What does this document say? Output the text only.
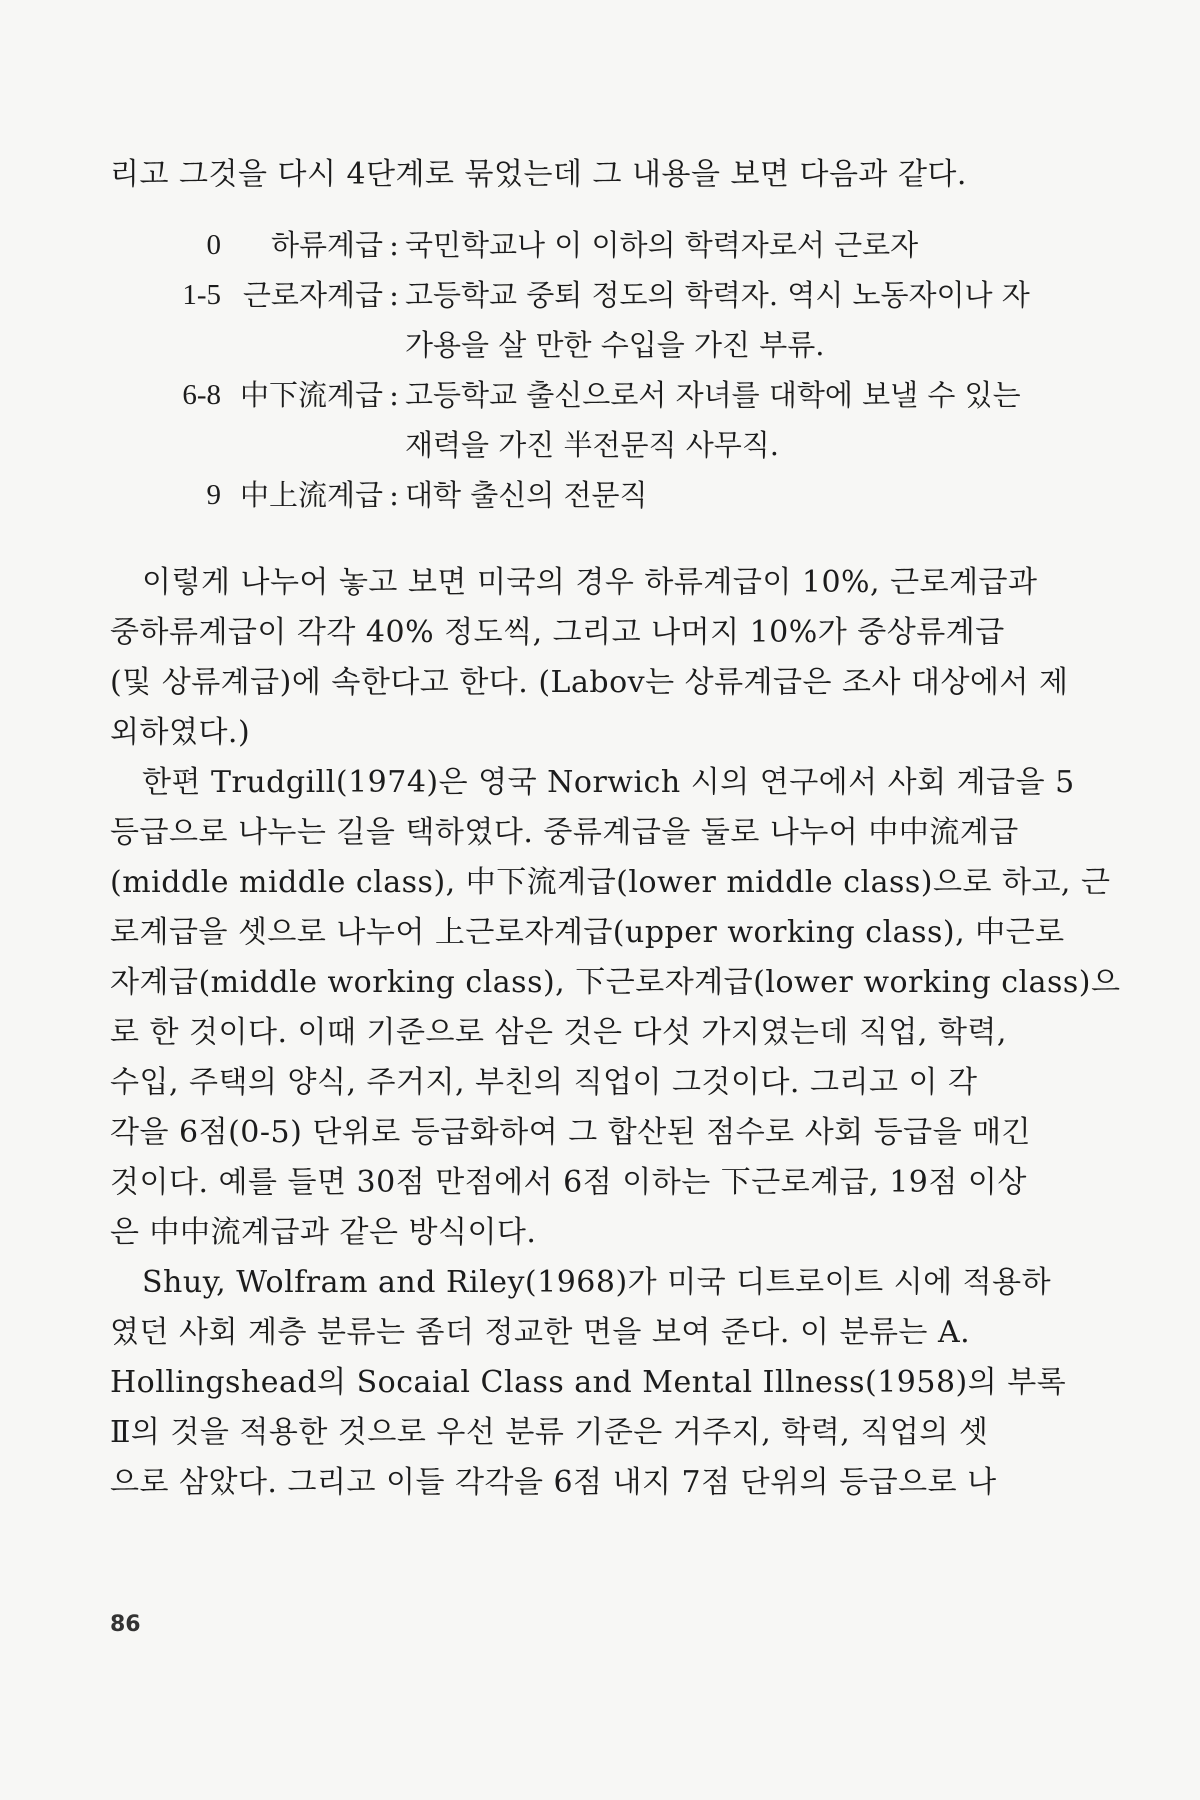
리고 그것을 다시 4단계로 묶었는데 그 내용을 보면 다음과 같다.
0	하류계급 : 국민학교나 이 이하의 학력자로서 근로자
1-5 근로자계급 : 고등학교 중퇴 정도의 학력자. 역시 노동자이나 자
가용을 살 만한 수입을 가진 부류.
6-8 中下流계급 : 고등학교 출신으로서 자녀를 대학에 보낼 수 있는
재력을 가진 半전문직 사무직.
9 中上流계급 : 대학 출신의 전문직
이렇게 나누어 놓고 보면 미국의 경우 하류계급이 10%, 근로계급과
중하류계급이 각각 40% 정도씩, 그리고 나머지 10%가 중상류계급
(및 상류계급)에 속한다고 한다. (Labov는 상류계급은 조사 대상에서 제
외하였다.)
한편 Trudgill(1974)은 영국 Norwich 시의 연구에서 사회 계급을 5
등급으로 나누는 길을 택하였다. 중류계급을 둘로 나누어 中中流계급
(middle middle class), 中下流계급(lower middle class)으로 하고, 근
로계급을 셋으로 나누어 上근로자계급(upper working class), 中근로
자계급(middle working class), 下근로자계급(lower working class)으
로 한 것이다. 이때 기준으로 삼은 것은 다섯 가지였는데 직업, 학력,
수입, 주택의 양식, 주거지, 부친의 직업이 그것이다. 그리고 이 각
각을 6점(0-5) 단위로 등급화하여 그 합산된 점수로 사회 등급을 매긴
것이다. 예를 들면 30점 만점에서 6점 이하는 下근로계급, 19점 이상
은 中中流계급과 같은 방식이다.
Shuy, Wolfram and Riley(1968)가 미국 디트로이트 시에 적용하
였던 사회 계층 분류는 좀더 정교한 면을 보여 준다. 이 분류는 A.
Hollingshead의 Socaial Class and Mental Illness(1958)의 부록
Ⅱ의 것을 적용한 것으로 우선 분류 기준은 거주지, 학력, 직업의 셋
으로 삼았다. 그리고 이들 각각을 6점 내지 7점 단위의 등급으로 나
86
